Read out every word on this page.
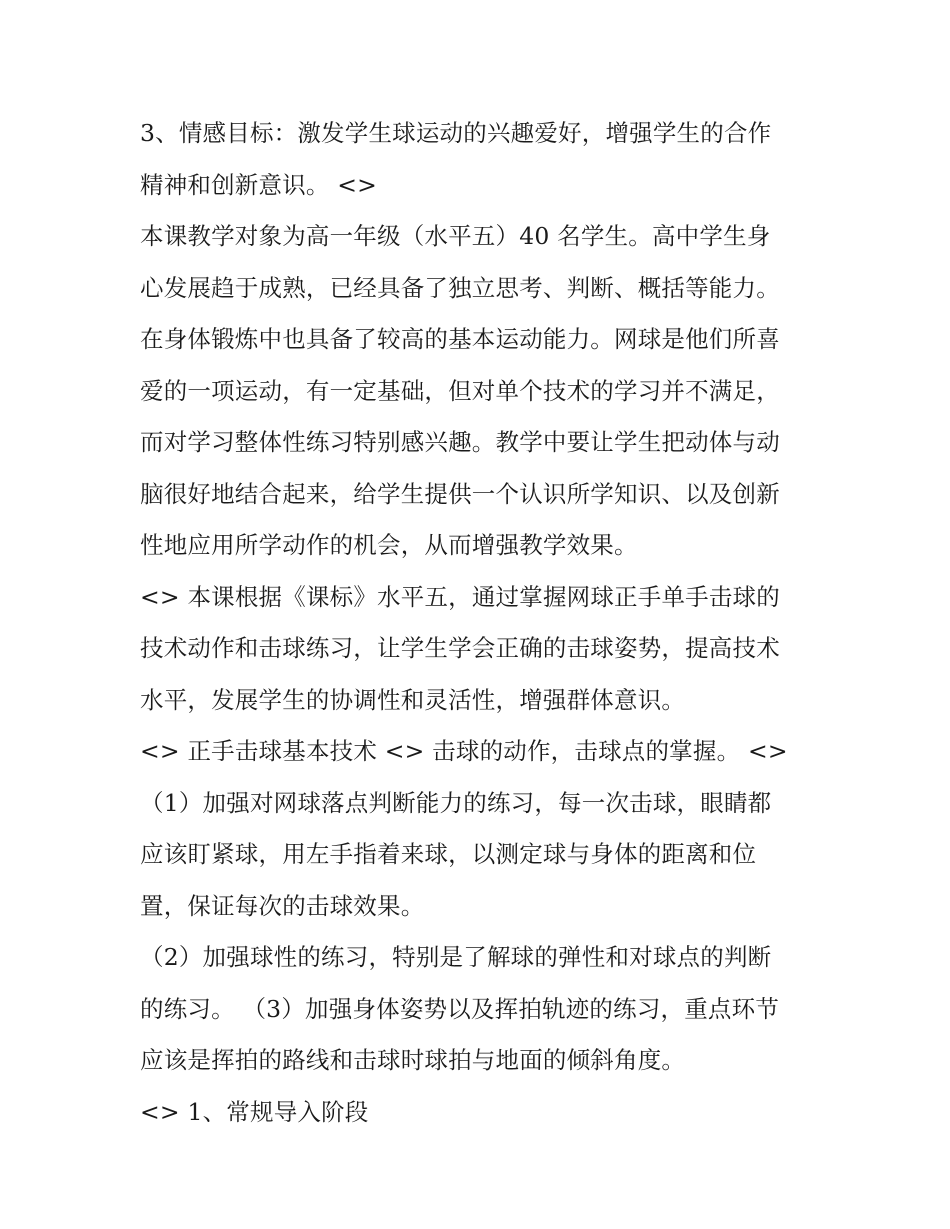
3、情感目标：激发学生球运动的兴趣爱好，增强学生的合作
精神和创新意识。 <>
本课教学对象为高一年级（水平五）40 名学生。高中学生身
心发展趋于成熟，已经具备了独立思考、判断、概括等能力。
在身体锻炼中也具备了较高的基本运动能力。网球是他们所喜
爱的一项运动，有一定基础，但对单个技术的学习并不满足，
而对学习整体性练习特别感兴趣。教学中要让学生把动体与动
脑很好地结合起来，给学生提供一个认识所学知识、以及创新
性地应用所学动作的机会，从而增强教学效果。
<> 本课根据《课标》水平五，通过掌握网球正手单手击球的
技术动作和击球练习，让学生学会正确的击球姿势，提高技术
水平，发展学生的协调性和灵活性，增强群体意识。
<> 正手击球基本技术 <> 击球的动作，击球点的掌握。 <>
（1）加强对网球落点判断能力的练习，每一次击球，眼睛都
应该盯紧球，用左手指着来球，以测定球与身体的距离和位
置，保证每次的击球效果。
（2）加强球性的练习，特别是了解球的弹性和对球点的判断
的练习。 （3）加强身体姿势以及挥拍轨迹的练习，重点环节
应该是挥拍的路线和击球时球拍与地面的倾斜角度。
<> 1、常规导入阶段
